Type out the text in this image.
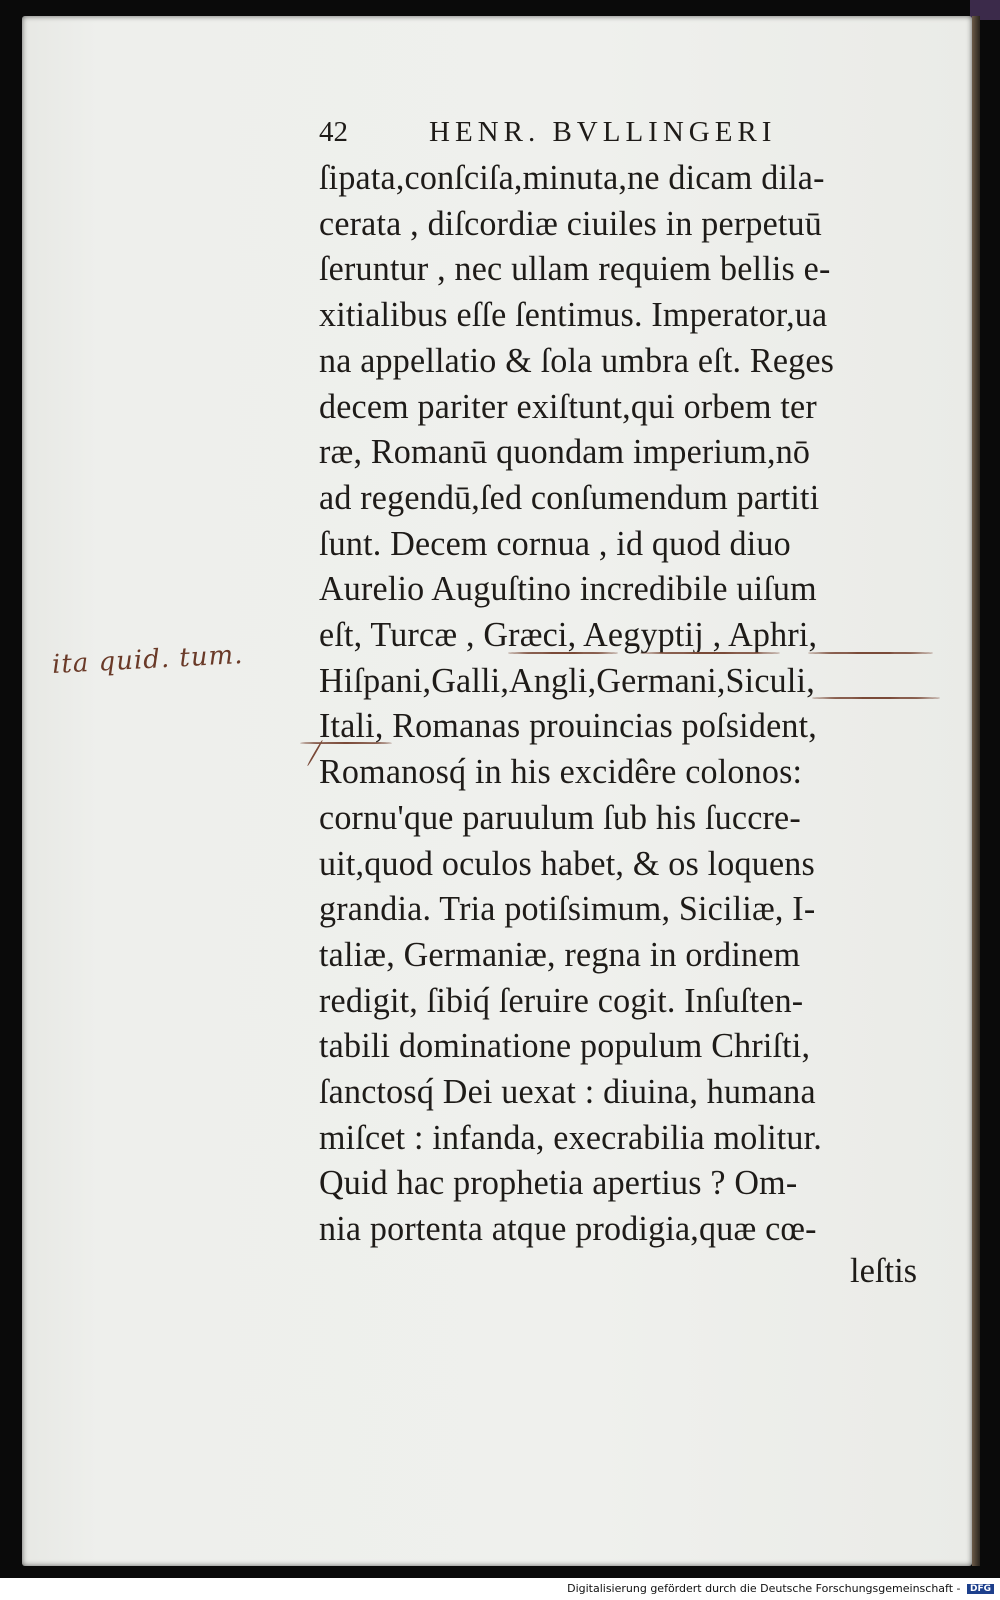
42	HENR. BVLLINGERI
ſipata,conſciſa,minuta,ne dicam dila-
cerata , diſcordiæ ciuiles in perpetuū
ſeruntur , nec ullam requiem bellis e-
xitialibus eſſe ſentimus. Imperator,ua
na appellatio & ſola umbra eſt. Reges
decem pariter exiſtunt,qui orbem ter
ræ, Romanū quondam imperium,nō
ad regendū,ſed conſumendum partiti
ſunt. Decem cornua , id quod diuo
Aurelio Auguſtino incredibile uiſum
eſt, Turcæ , Græci, Aegyptij , Aphri,
Hiſpani,Galli,Angli,Germani,Siculi,
Itali, Romanas prouincias poſsident,
Romanosq́ in his excidêre colonos:
cornu'que paruulum ſub his ſuccre-
uit,quod oculos habet, & os loquens
grandia. Tria potiſsimum, Siciliæ, I-
taliæ, Germaniæ, regna in ordinem
redigit, ſibiq́ ſeruire cogit. Inſuſten-
tabili dominatione populum Chriſti,
ſanctosq́ Dei uexat : diuina, humana
miſcet : infanda, execrabilia molitur.
Quid hac prophetia apertius ? Om-
nia portenta atque prodigia,quæ cœ-
leſtis
ita quid. tum.
Digitalisierung gefördert durch die Deutsche Forschungsgemeinschaft - DFG
